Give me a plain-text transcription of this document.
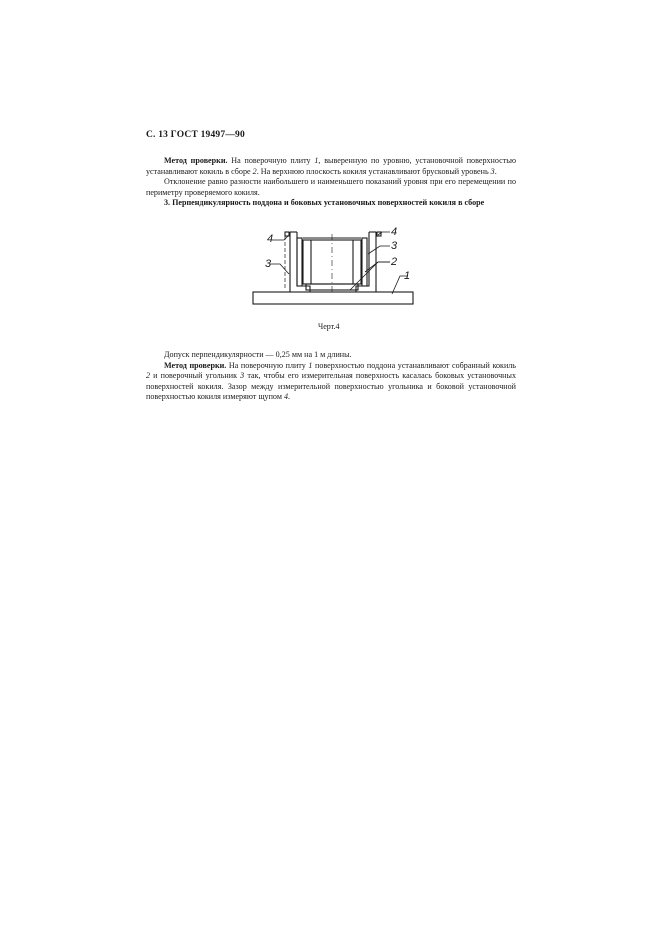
С. 13 ГОСТ 19497—90

Метод проверки. На поверочную плиту 1, выверенную по уровню, установочной поверхностью устанавливают кокиль в сборе 2. На верхнюю плоскость кокиля устанавливают брусковый уровень 3.

Отклонение равно разности наибольшего и наименьшего показаний уровня при его перемещении по периметру проверяемого кокиля.

3. Перпендикулярность поддона и боковых установочных поверхностей кокиля в сборе

4
3
4
3
2
1
Черт.4

Допуск перпендикулярности — 0,25 мм на 1 м длины.

Метод проверки. На поверочную плиту 1 поверхностью поддона устанавливают собранный кокиль 2 и поверочный угольник 3 так, чтобы его измерительная поверхность касалась боковых установочных поверхностей кокиля. Зазор между измерительной поверхностью угольника и боковой установочной поверхностью кокиля измеряют щупом 4.
